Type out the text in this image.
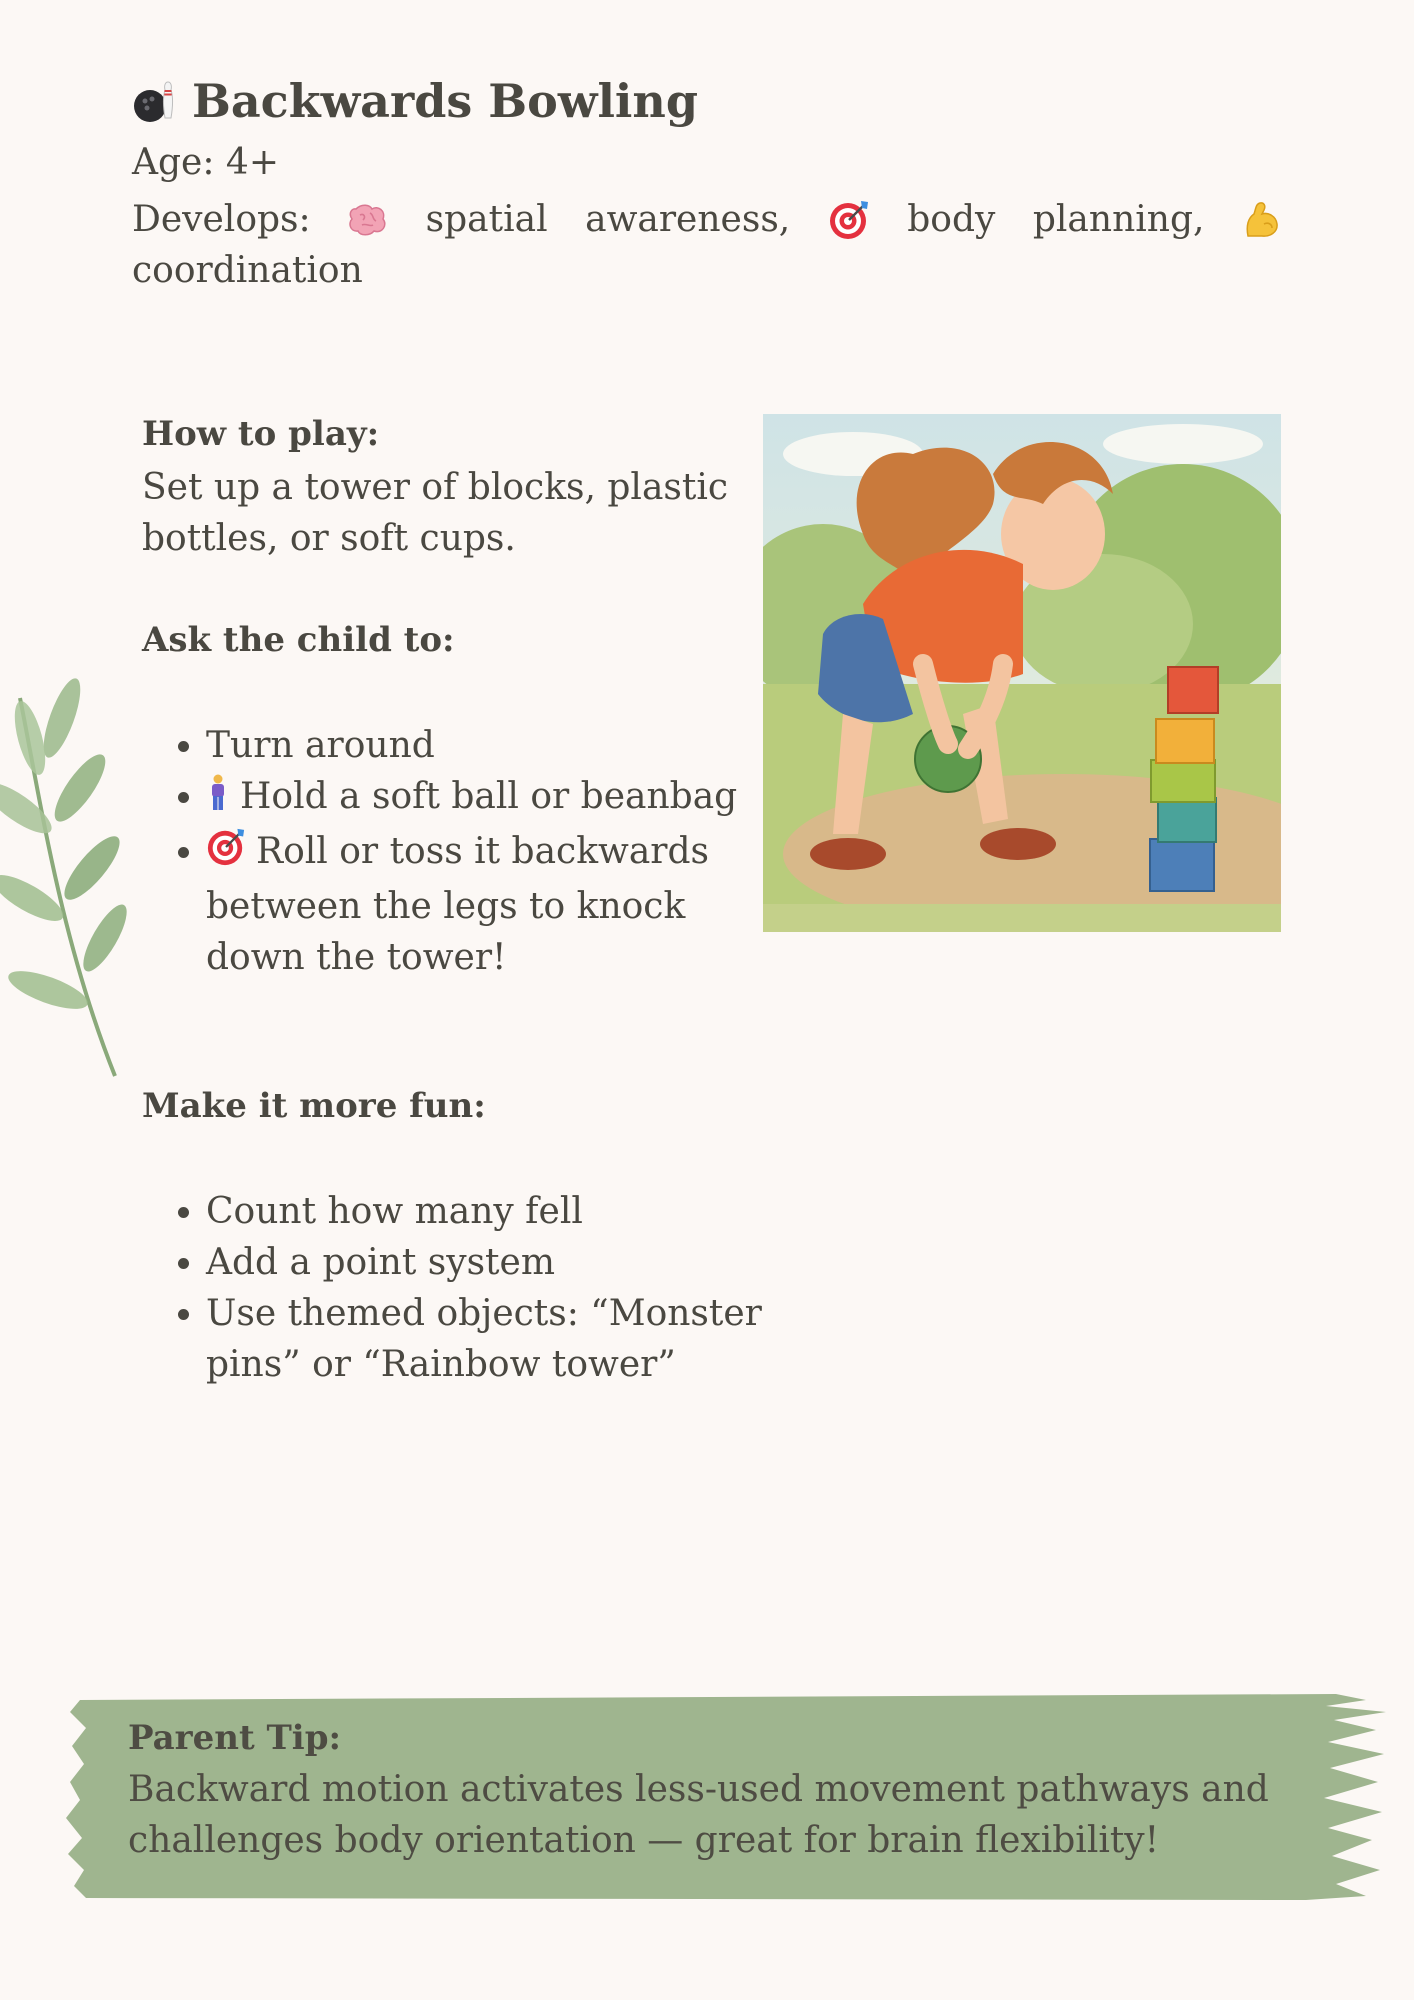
Backwards Bowling
Age: 4+
Develops:	spatial awareness,	body planning,
coordination
How to play:

Set up a tower of blocks, plastic bottles, or soft cups.

Ask the child to:
• Turn around
• Hold a soft ball or beanbag
• Roll or toss it backwards between the legs to knock down the tower!
Make it more fun:
• Count how many fell
• Add a point system
• Use themed objects: “Monster pins” or “Rainbow tower”
Parent Tip:
Backward motion activates less-used movement pathways and challenges body orientation — great for brain flexibility!
